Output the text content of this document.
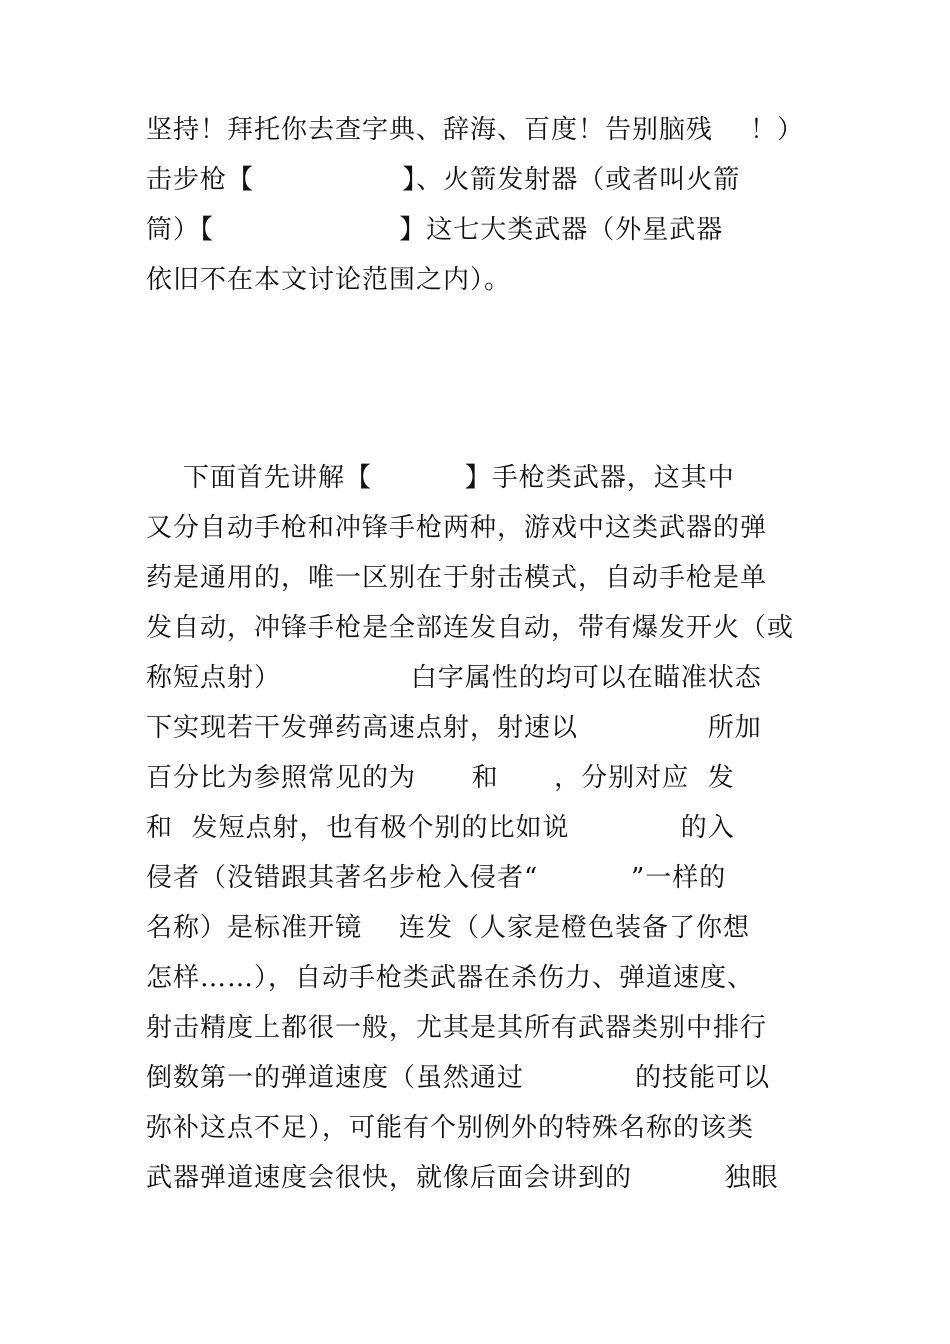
坚持！拜托你去查字典、辞海、百度！告别脑残    ！）
击步枪【                】、火箭发射器（或者叫火箭
筒）【                    】这七大类武器（外星武器
依旧不在本文讨论范围之内）。
下面首先讲解【          】手枪类武器，这其中
又分自动手枪和冲锋手枪两种，游戏中这类武器的弹
药是通用的，唯一区别在于射击模式，自动手枪是单
发自动，冲锋手枪是全部连发自动，带有爆发开火（或
称短点射）              白字属性的均可以在瞄准状态
下实现若干发弹药高速点射，射速以              所加
百分比为参照常见的为      和      ，分别对应  发
和  发短点射，也有极个别的比如说            的入
侵者（没错跟其著名步枪入侵者“          ”一样的
名称）是标准开镜    连发（人家是橙色装备了你想
怎样……），自动手枪类武器在杀伤力、弹道速度、
射击精度上都很一般，尤其是其所有武器类别中排行
倒数第一的弹道速度（虽然通过            的技能可以
弥补这点不足），可能有个别例外的特殊名称的该类
武器弹道速度会很快，就像后面会讲到的          独眼
